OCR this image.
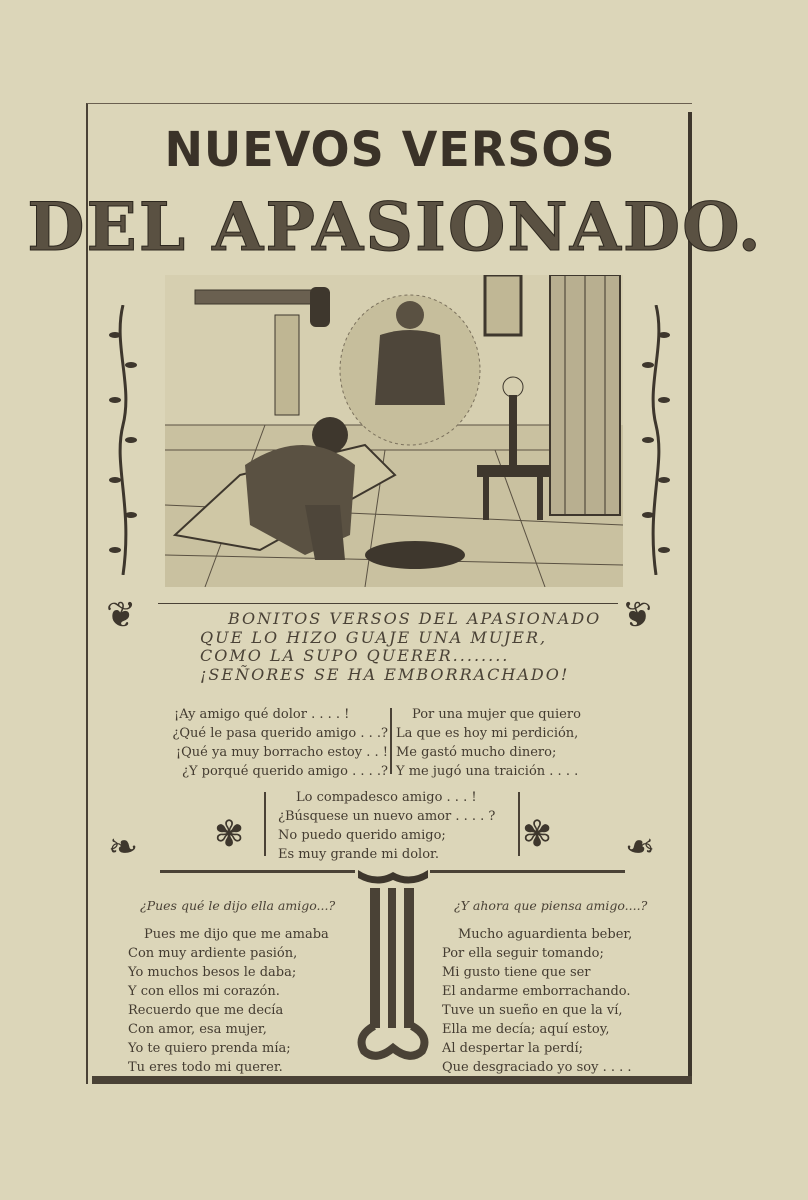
NUEVOS VERSOS
DEL APASIONADO.
❦	❦
BONITOS VERSOS DEL APASIONADO
QUE LO HIZO GUAJE UNA MUJER,
COMO LA SUPO QUERER........
¡SEÑORES SE HA EMBORRACHADO!
¡Ay amigo qué dolor . . . . !
¿Qué le pasa querido amigo . . .?
¡Qué ya muy borracho estoy . . !
¿Y porqué querido amigo . . . .?
Por una mujer que quiero
La que es hoy mi perdición,
Me gastó mucho dinero;
Y me jugó una traición . . . .
✾	✾
Lo compadesco amigo . . . !
¿Búsquese un nuevo amor . . . . ?
No puedo querido amigo;
Es muy grande mi dolor.
❧	❧
¿Pues qué le dijo ella amigo...?
Pues me dijo que me amaba
Con muy ardiente pasión,
Yo muchos besos le daba;
Y con ellos mi corazón.
Recuerdo que me decía
Con amor, esa mujer,
Yo te quiero prenda mía;
Tu eres todo mi querer.
¿Y ahora que piensa amigo....?
Mucho aguardienta beber,
Por ella seguir tomando;
Mi gusto tiene que ser
El andarme emborrachando.
Tuve un sueño en que la ví,
Ella me decía; aquí estoy,
Al despertar la perdí;
Que desgraciado yo soy . . . .
